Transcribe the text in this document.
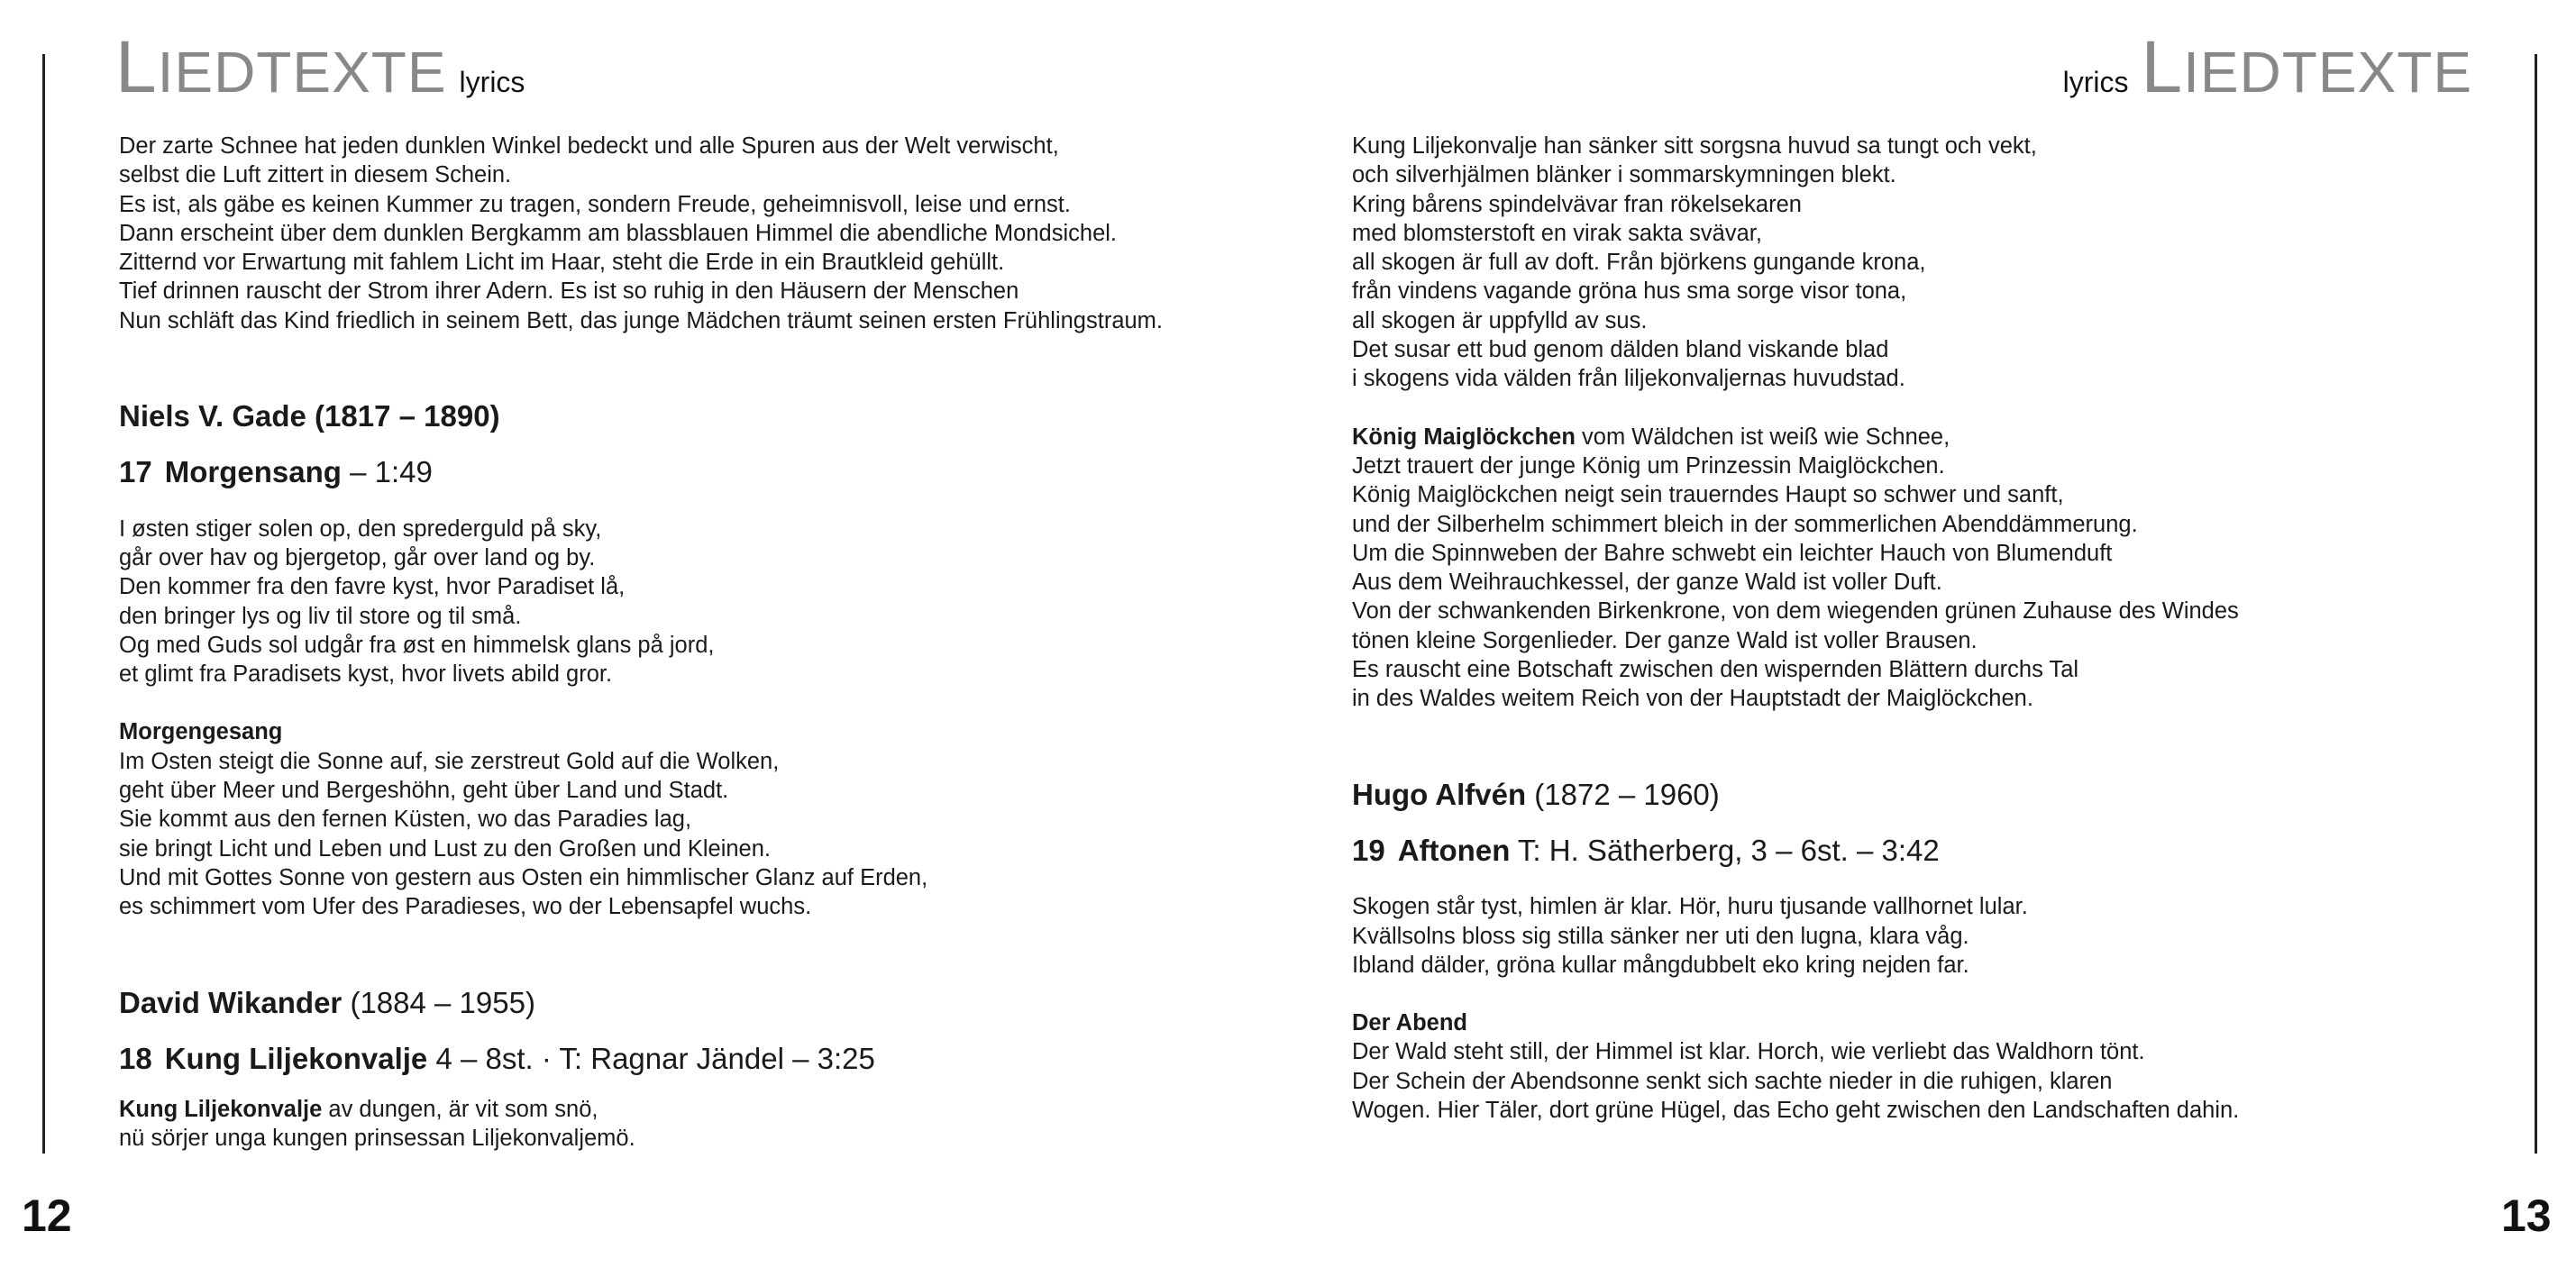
LIEDTEXTE lyrics	lyrics LIEDTEXTE

Der zarte Schnee hat jeden dunklen Winkel bedeckt und alle Spuren aus der Welt verwischt,
selbst die Luft zittert in diesem Schein.
Es ist, als gäbe es keinen Kummer zu tragen, sondern Freude, geheimnisvoll, leise und ernst.
Dann erscheint über dem dunklen Bergkamm am blassblauen Himmel die abendliche Mondsichel.
Zitternd vor Erwartung mit fahlem Licht im Haar, steht die Erde in ein Brautkleid gehüllt.
Tief drinnen rauscht der Strom ihrer Adern. Es ist so ruhig in den Häusern der Menschen
Nun schläft das Kind friedlich in seinem Bett, das junge Mädchen träumt seinen ersten Frühlingstraum.

Niels V. Gade (1817 – 1890)

17 Morgensang – 1:49

I østen stiger solen op, den sprederguld på sky,
går over hav og bjergetop, går over land og by.
Den kommer fra den favre kyst, hvor Paradiset lå,
den bringer lys og liv til store og til små.
Og med Guds sol udgår fra øst en himmelsk glans på jord,
et glimt fra Paradisets kyst, hvor livets abild gror.

Morgengesang
Im Osten steigt die Sonne auf, sie zerstreut Gold auf die Wolken,
geht über Meer und Bergeshöhn, geht über Land und Stadt.
Sie kommt aus den fernen Küsten, wo das Paradies lag,
sie bringt Licht und Leben und Lust zu den Großen und Kleinen.
Und mit Gottes Sonne von gestern aus Osten ein himmlischer Glanz auf Erden,
es schimmert vom Ufer des Paradieses, wo der Lebensapfel wuchs.

David Wikander (1884 – 1955)

18 Kung Liljekonvalje 4 – 8st. · T: Ragnar Jändel – 3:25

Kung Liljekonvalje av dungen, är vit som snö,
nü sörjer unga kungen prinsessan Liljekonvaljemö.

Kung Liljekonvalje han sänker sitt sorgsna huvud sa tungt och vekt,
och silverhjälmen blänker i sommarskymningen blekt.
Kring bårens spindelvävar fran rökelsekaren
med blomsterstoft en virak sakta svävar,
all skogen är full av doft. Från björkens gungande krona,
från vindens vagande gröna hus sma sorge visor tona,
all skogen är uppfylld av sus.
Det susar ett bud genom dälden bland viskande blad
i skogens vida välden från liljekonvaljernas huvudstad.

König Maiglöckchen vom Wäldchen ist weiß wie Schnee,
Jetzt trauert der junge König um Prinzessin Maiglöckchen.
König Maiglöckchen neigt sein trauerndes Haupt so schwer und sanft,
und der Silberhelm schimmert bleich in der sommerlichen Abenddämmerung.
Um die Spinnweben der Bahre schwebt ein leichter Hauch von Blumenduft
Aus dem Weihrauchkessel, der ganze Wald ist voller Duft.
Von der schwankenden Birkenkrone, von dem wiegenden grünen Zuhause des Windes
tönen kleine Sorgenlieder. Der ganze Wald ist voller Brausen.
Es rauscht eine Botschaft zwischen den wispernden Blättern durchs Tal
in des Waldes weitem Reich von der Hauptstadt der Maiglöckchen.

Hugo Alfvén (1872 – 1960)

19 Aftonen T: H. Sätherberg, 3 – 6st. – 3:42

Skogen står tyst, himlen är klar. Hör, huru tjusande vallhornet lular.
Kvällsolns bloss sig stilla sänker ner uti den lugna, klara våg.
Ibland dälder, gröna kullar mångdubbelt eko kring nejden far.

Der Abend
Der Wald steht still, der Himmel ist klar. Horch, wie verliebt das Waldhorn tönt.
Der Schein der Abendsonne senkt sich sachte nieder in die ruhigen, klaren
Wogen. Hier Täler, dort grüne Hügel, das Echo geht zwischen den Landschaften dahin.

12	13
